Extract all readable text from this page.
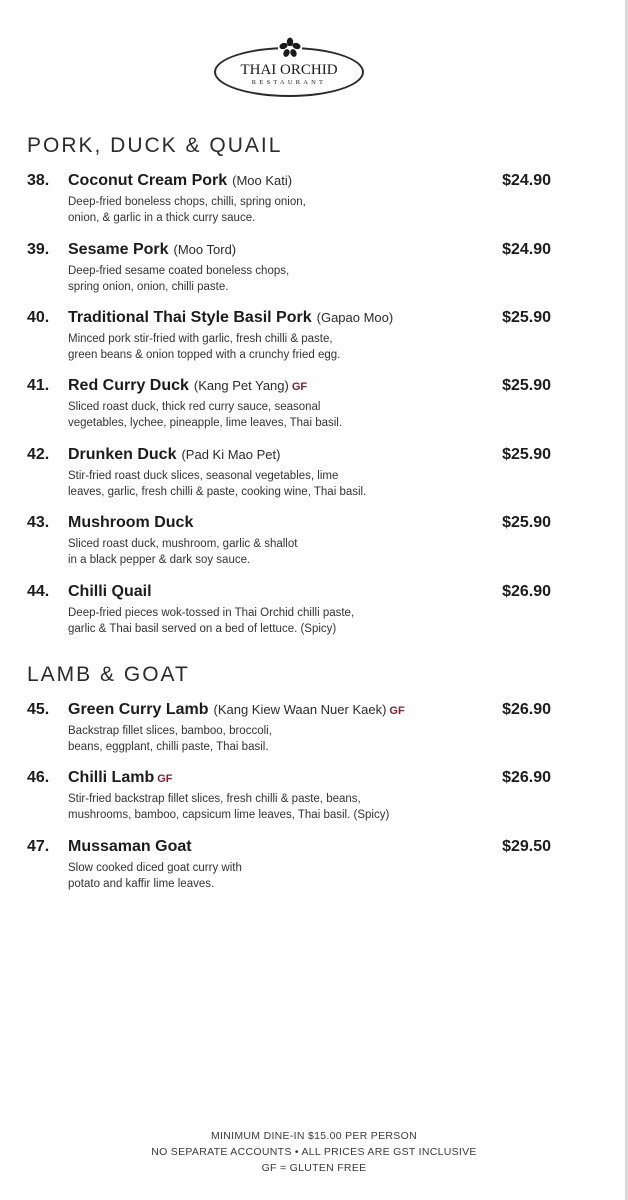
THAI ORCHID
RESTAURANT
PORK, DUCK & QUAIL
38. Coconut Cream Pork (Moo Kati)	$24.90
Deep-fried boneless chops, chilli, spring onion,
onion, & garlic in a thick curry sauce.
39. Sesame Pork (Moo Tord)	$24.90
Deep-fried sesame coated boneless chops,
spring onion, onion, chilli paste.
40. Traditional Thai Style Basil Pork (Gapao Moo)	$25.90
Minced pork stir-fried with garlic, fresh chilli & paste,
green beans & onion topped with a crunchy fried egg.
41. Red Curry Duck (Kang Pet Yang) GF	$25.90
Sliced roast duck, thick red curry sauce, seasonal
vegetables, lychee, pineapple, lime leaves, Thai basil.
42. Drunken Duck (Pad Ki Mao Pet)	$25.90
Stir-fried roast duck slices, seasonal vegetables, lime
leaves, garlic, fresh chilli & paste, cooking wine, Thai basil.
43. Mushroom Duck	$25.90
Sliced roast duck, mushroom, garlic & shallot
in a black pepper & dark soy sauce.
44. Chilli Quail	$26.90
Deep-fried pieces wok-tossed in Thai Orchid chilli paste,
garlic & Thai basil served on a bed of lettuce. (Spicy)
LAMB & GOAT
45. Green Curry Lamb (Kang Kiew Waan Nuer Kaek) GF	$26.90
Backstrap fillet slices, bamboo, broccoli,
beans, eggplant, chilli paste, Thai basil.
46. Chilli Lamb GF	$26.90
Stir-fried backstrap fillet slices, fresh chilli & paste, beans,
mushrooms, bamboo, capsicum lime leaves, Thai basil. (Spicy)
47. Mussaman Goat	$29.50
Slow cooked diced goat curry with
potato and kaffir lime leaves.
MINIMUM DINE-IN $15.00 PER PERSON
NO SEPARATE ACCOUNTS • ALL PRICES ARE GST INCLUSIVE
GF = GLUTEN FREE
